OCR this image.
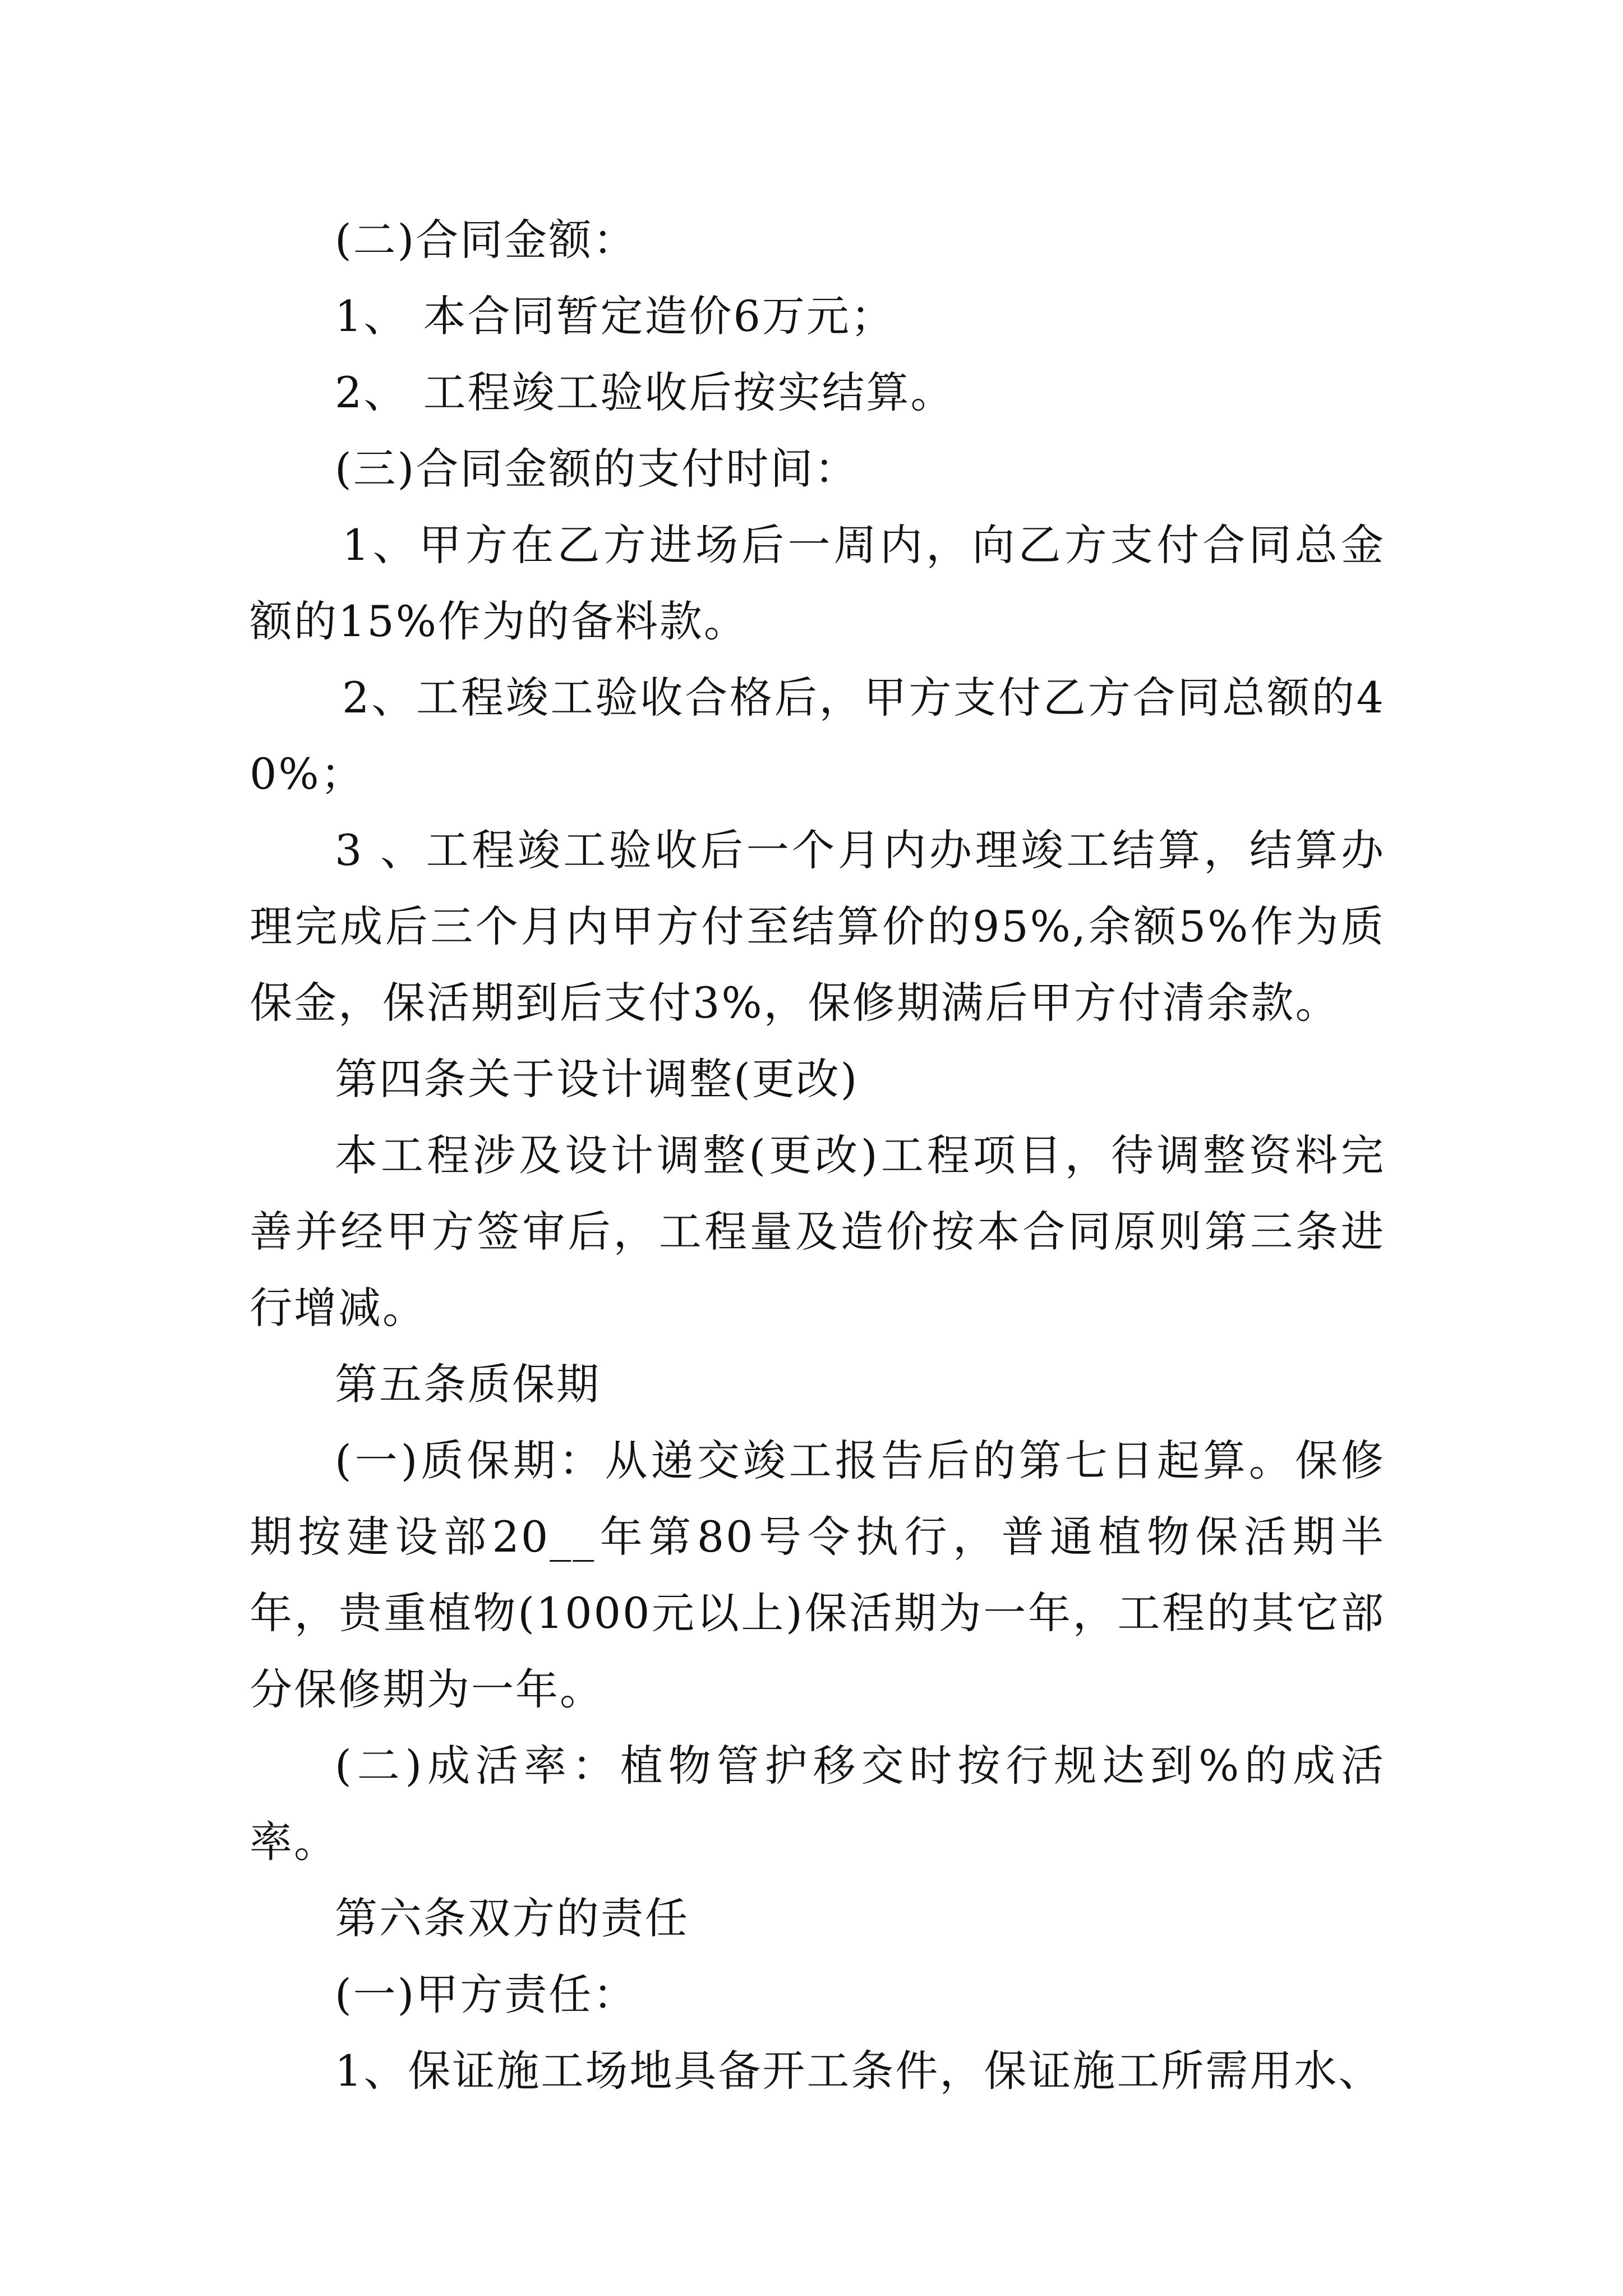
(二)合同金额：

1、 本合同暂定造价6万元；

2、 工程竣工验收后按实结算。

(三)合同金额的支付时间：

1、甲方在乙方进场后一周内，向乙方支付合同总金额的15%作为的备料款。

2、工程竣工验收合格后，甲方支付乙方合同总额的40%；

3 、工程竣工验收后一个月内办理竣工结算，结算办理完成后三个月内甲方付至结算价的95%,余额5%作为质保金，保活期到后支付3%，保修期满后甲方付清余款。

第四条关于设计调整(更改)

本工程涉及设计调整(更改)工程项目，待调整资料完善并经甲方签审后，工程量及造价按本合同原则第三条进行增减。

第五条质保期

(一)质保期：从递交竣工报告后的第七日起算。保修期按建设部20__年第80号令执行，普通植物保活期半年，贵重植物(1000元以上)保活期为一年，工程的其它部分保修期为一年。

(二)成活率：植物管护移交时按行规达到%的成活率。

第六条双方的责任

(一)甲方责任：

1、保证施工场地具备开工条件，保证施工所需用水、
